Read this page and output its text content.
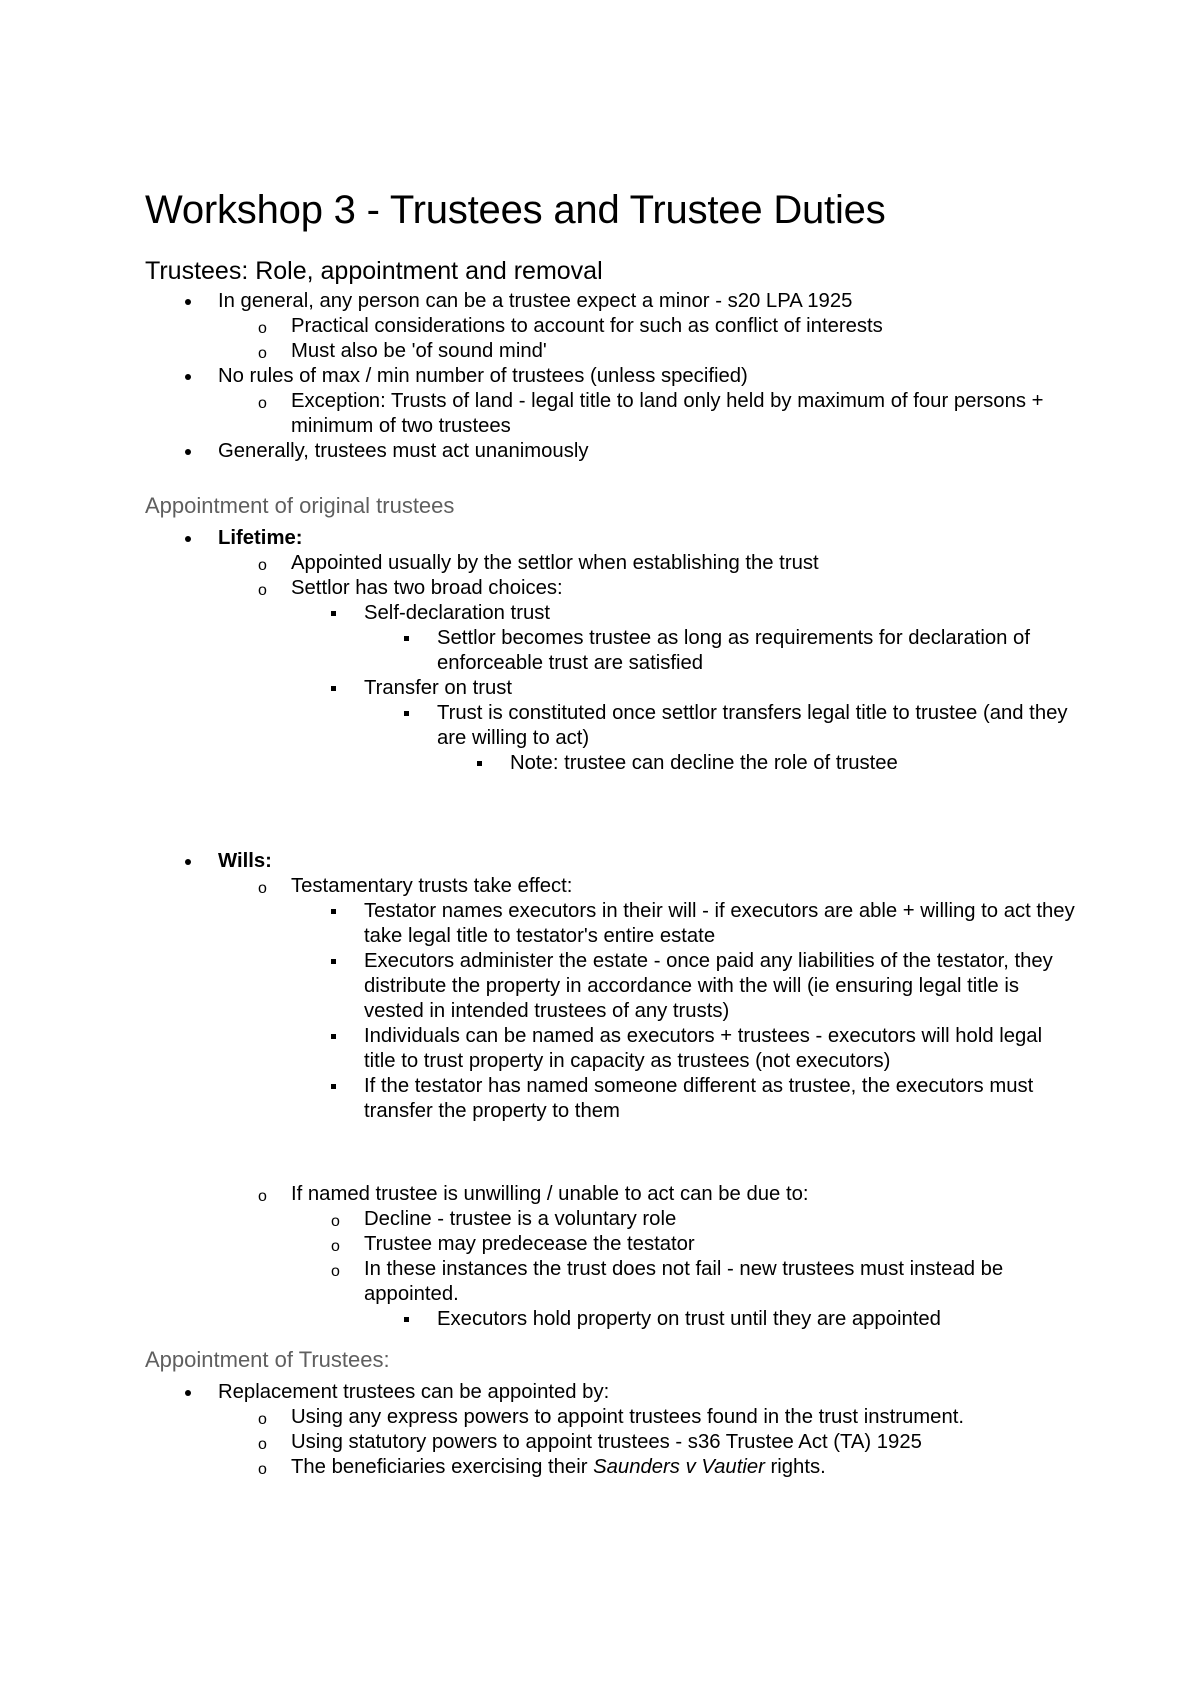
Workshop 3 - Trustees and Trustee Duties
Trustees: Role, appointment and removal
In general, any person can be a trustee expect a minor - s20 LPA 1925
o Practical considerations to account for such as conflict of interests
o Must also be 'of sound mind'
No rules of max / min number of trustees (unless specified)
o Exception: Trusts of land - legal title to land only held by maximum of four persons + minimum of two trustees
Generally, trustees must act unanimously
Appointment of original trustees
Lifetime:
o Appointed usually by the settlor when establishing the trust
o Settlor has two broad choices:
Self-declaration trust
Settlor becomes trustee as long as requirements for declaration of enforceable trust are satisfied
Transfer on trust
Trust is constituted once settlor transfers legal title to trustee (and they are willing to act)
Note: trustee can decline the role of trustee
Wills:
o Testamentary trusts take effect:
Testator names executors in their will - if executors are able + willing to act they take legal title to testator's entire estate
Executors administer the estate - once paid any liabilities of the testator, they distribute the property in accordance with the will (ie ensuring legal title is vested in intended trustees of any trusts)
Individuals can be named as executors + trustees - executors will hold legal title to trust property in capacity as trustees (not executors)
If the testator has named someone different as trustee, the executors must transfer the property to them
o If named trustee is unwilling / unable to act can be due to:
o Decline - trustee is a voluntary role
o Trustee may predecease the testator
o In these instances the trust does not fail - new trustees must instead be appointed.
Executors hold property on trust until they are appointed
Appointment of Trustees:
Replacement trustees can be appointed by:
o Using any express powers to appoint trustees found in the trust instrument.
o Using statutory powers to appoint trustees - s36 Trustee Act (TA) 1925
o The beneficiaries exercising their Saunders v Vautier rights.
